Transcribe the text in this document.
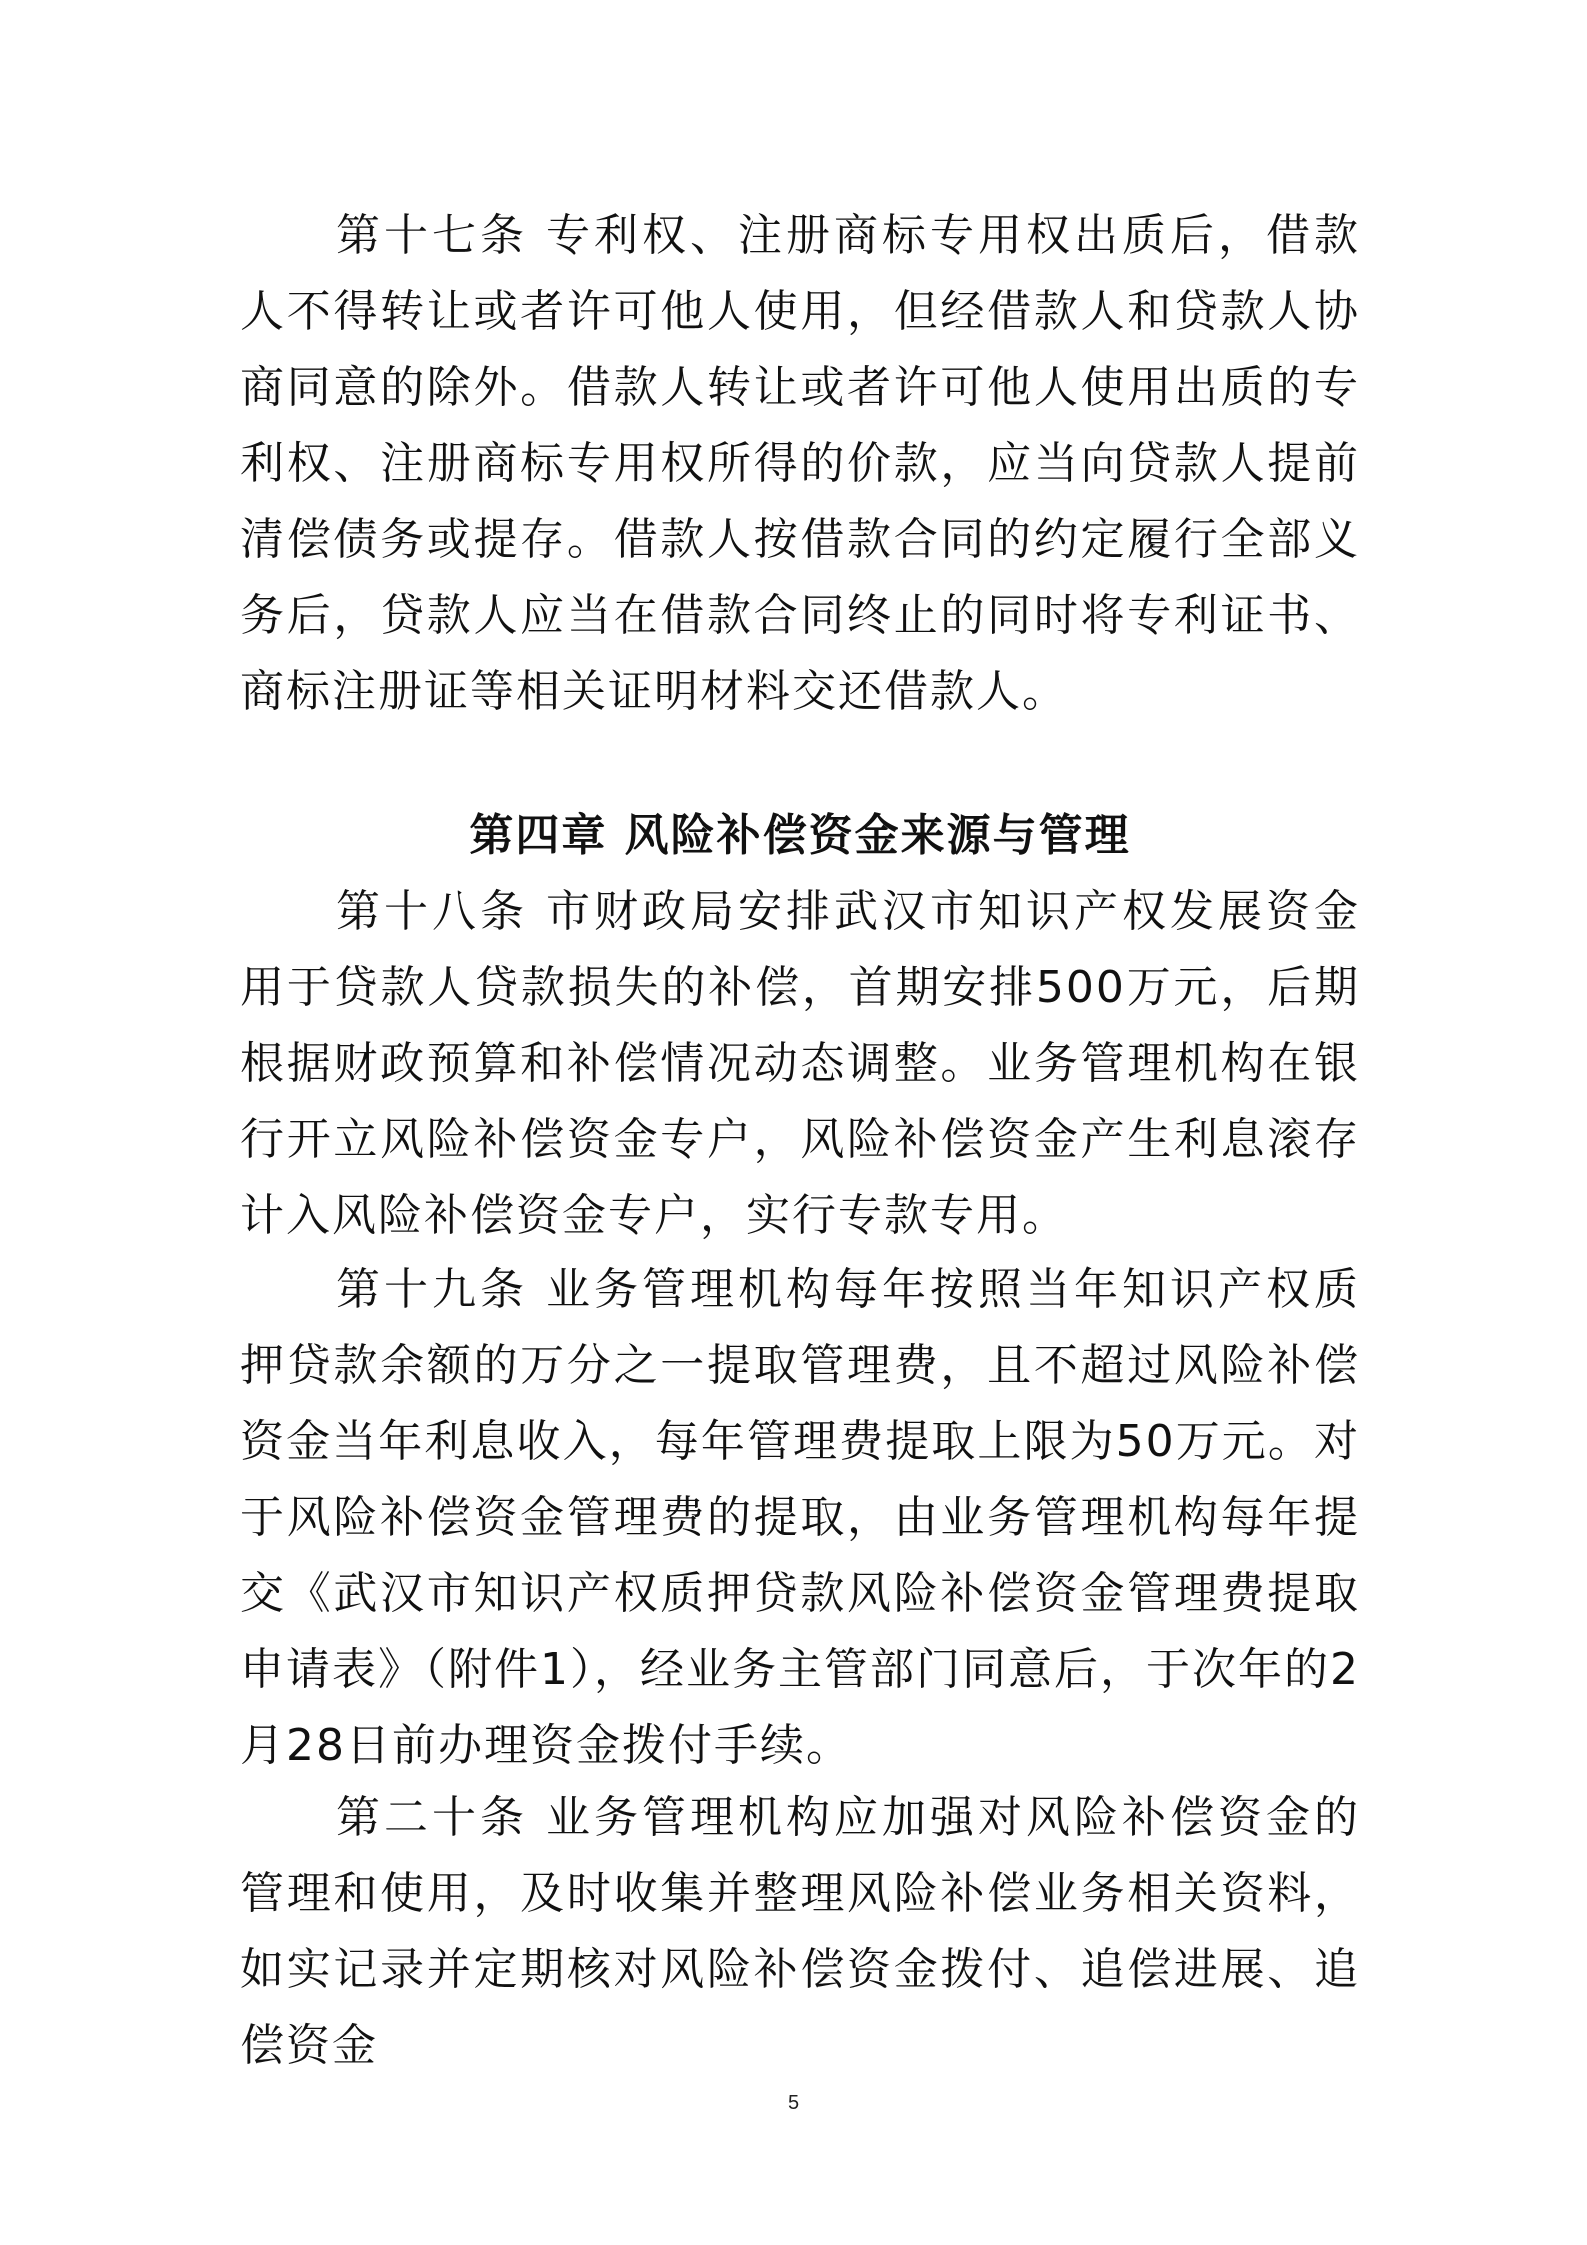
第十七条 专利权、注册商标专用权出质后，借款人不得转让或者许可他人使用，但经借款人和贷款人协商同意的除外。借款人转让或者许可他人使用出质的专利权、注册商标专用权所得的价款，应当向贷款人提前清偿债务或提存。借款人按借款合同的约定履行全部义务后，贷款人应当在借款合同终止的同时将专利证书、商标注册证等相关证明材料交还借款人。

第四章 风险补偿资金来源与管理

第十八条 市财政局安排武汉市知识产权发展资金用于贷款人贷款损失的补偿，首期安排500万元，后期根据财政预算和补偿情况动态调整。业务管理机构在银行开立风险补偿资金专户，风险补偿资金产生利息滚存计入风险补偿资金专户，实行专款专用。

第十九条 业务管理机构每年按照当年知识产权质押贷款余额的万分之一提取管理费，且不超过风险补偿资金当年利息收入，每年管理费提取上限为50万元。对于风险补偿资金管理费的提取，由业务管理机构每年提交《武汉市知识产权质押贷款风险补偿资金管理费提取申请表》（附件1），经业务主管部门同意后，于次年的2月28日前办理资金拨付手续。

第二十条 业务管理机构应加强对风险补偿资金的管理和使用，及时收集并整理风险补偿业务相关资料，如实记录并定期核对风险补偿资金拨付、追偿进展、追偿资金

5
